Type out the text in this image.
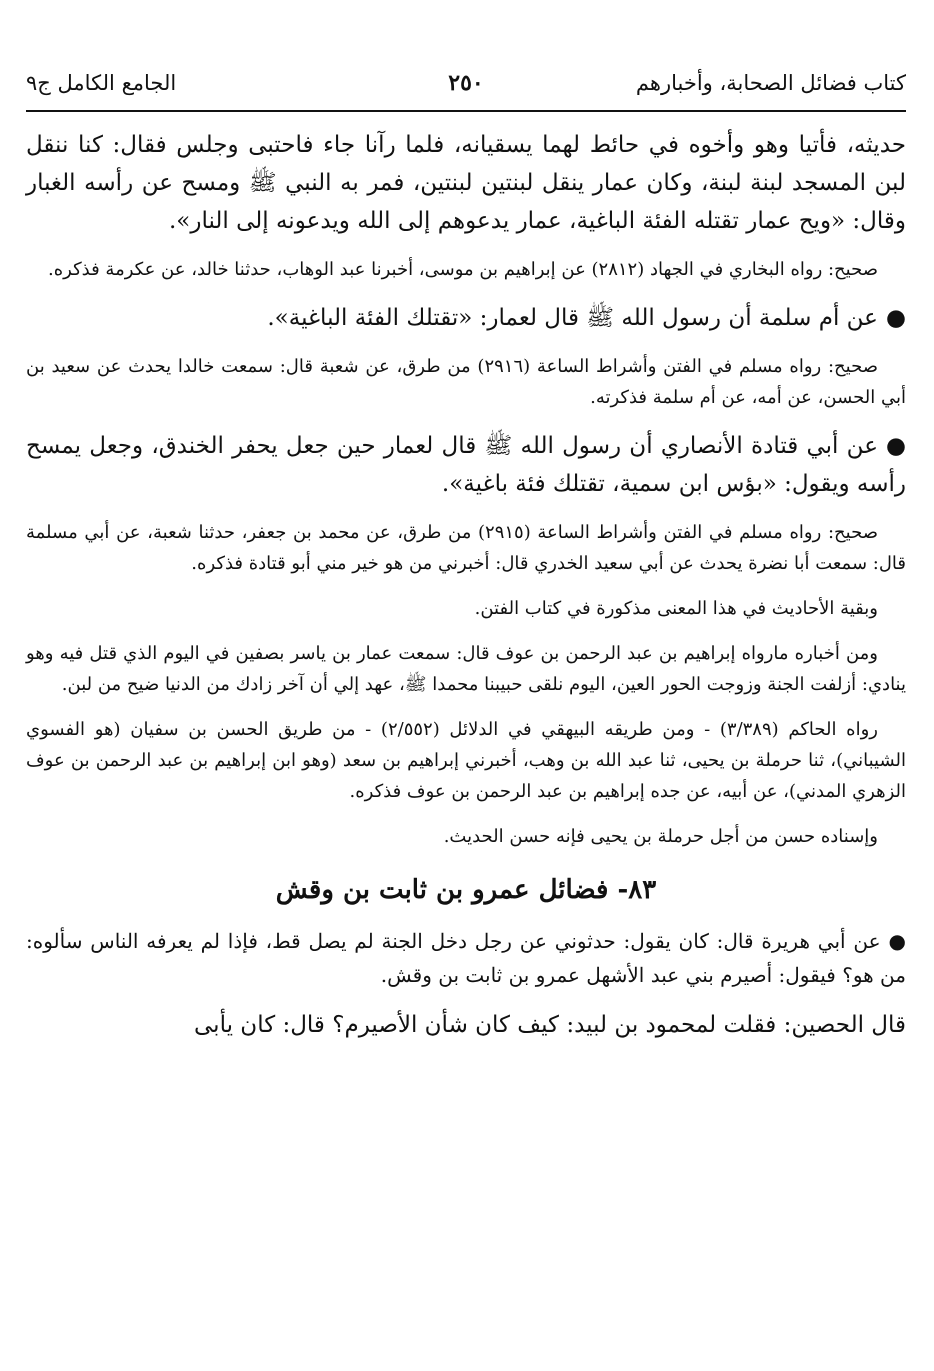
كتاب فضائل الصحابة، وأخبارهم
٢٥٠
الجامع الكامل ج٩

حديثه، فأتيا وهو وأخوه في حائط لهما يسقيانه، فلما رآنا جاء فاحتبى وجلس فقال: كنا ننقل لبن المسجد لبنة لبنة، وكان عمار ينقل لبنتين لبنتين، فمر به النبي ﷺ ومسح عن رأسه الغبار وقال: «ويح عمار تقتله الفئة الباغية، عمار يدعوهم إلى الله ويدعونه إلى النار».

صحيح: رواه البخاري في الجهاد (٢٨١٢) عن إبراهيم بن موسى، أخبرنا عبد الوهاب، حدثنا خالد، عن عكرمة فذكره.

●عن أم سلمة أن رسول الله ﷺ قال لعمار: «تقتلك الفئة الباغية».

صحيح: رواه مسلم في الفتن وأشراط الساعة (٢٩١٦) من طرق، عن شعبة قال: سمعت خالدا يحدث عن سعيد بن أبي الحسن، عن أمه، عن أم سلمة فذكرته.

●عن أبي قتادة الأنصاري أن رسول الله ﷺ قال لعمار حين جعل يحفر الخندق، وجعل يمسح رأسه ويقول: «بؤس ابن سمية، تقتلك فئة باغية».

صحيح: رواه مسلم في الفتن وأشراط الساعة (٢٩١٥) من طرق، عن محمد بن جعفر، حدثنا شعبة، عن أبي مسلمة قال: سمعت أبا نضرة يحدث عن أبي سعيد الخدري قال: أخبرني من هو خير مني أبو قتادة فذكره.

وبقية الأحاديث في هذا المعنى مذكورة في كتاب الفتن.

ومن أخباره مارواه إبراهيم بن عبد الرحمن بن عوف قال: سمعت عمار بن ياسر بصفين في اليوم الذي قتل فيه وهو ينادي: أزلفت الجنة وزوجت الحور العين، اليوم نلقى حبيبنا محمدا ﷺ، عهد إلي أن آخر زادك من الدنيا ضيح من لبن.

رواه الحاكم (٣/٣٨٩) - ومن طريقه البيهقي في الدلائل (٢/٥٥٢) - من طريق الحسن بن سفيان (هو الفسوي الشيباني)، ثنا حرملة بن يحيى، ثنا عبد الله بن وهب، أخبرني إبراهيم بن سعد (وهو ابن إبراهيم بن عبد الرحمن بن عوف الزهري المدني)، عن أبيه، عن جده إبراهيم بن عبد الرحمن بن عوف فذكره.

وإسناده حسن من أجل حرملة بن يحيى فإنه حسن الحديث.

٨٣- فضائل عمرو بن ثابت بن وقش

●عن أبي هريرة قال: كان يقول: حدثوني عن رجل دخل الجنة لم يصل قط، فإذا لم يعرفه الناس سألوه: من هو؟ فيقول: أصيرم بني عبد الأشهل عمرو بن ثابت بن وقش.

قال الحصين: فقلت لمحمود بن لبيد: كيف كان شأن الأصيرم؟ قال: كان يأبى
